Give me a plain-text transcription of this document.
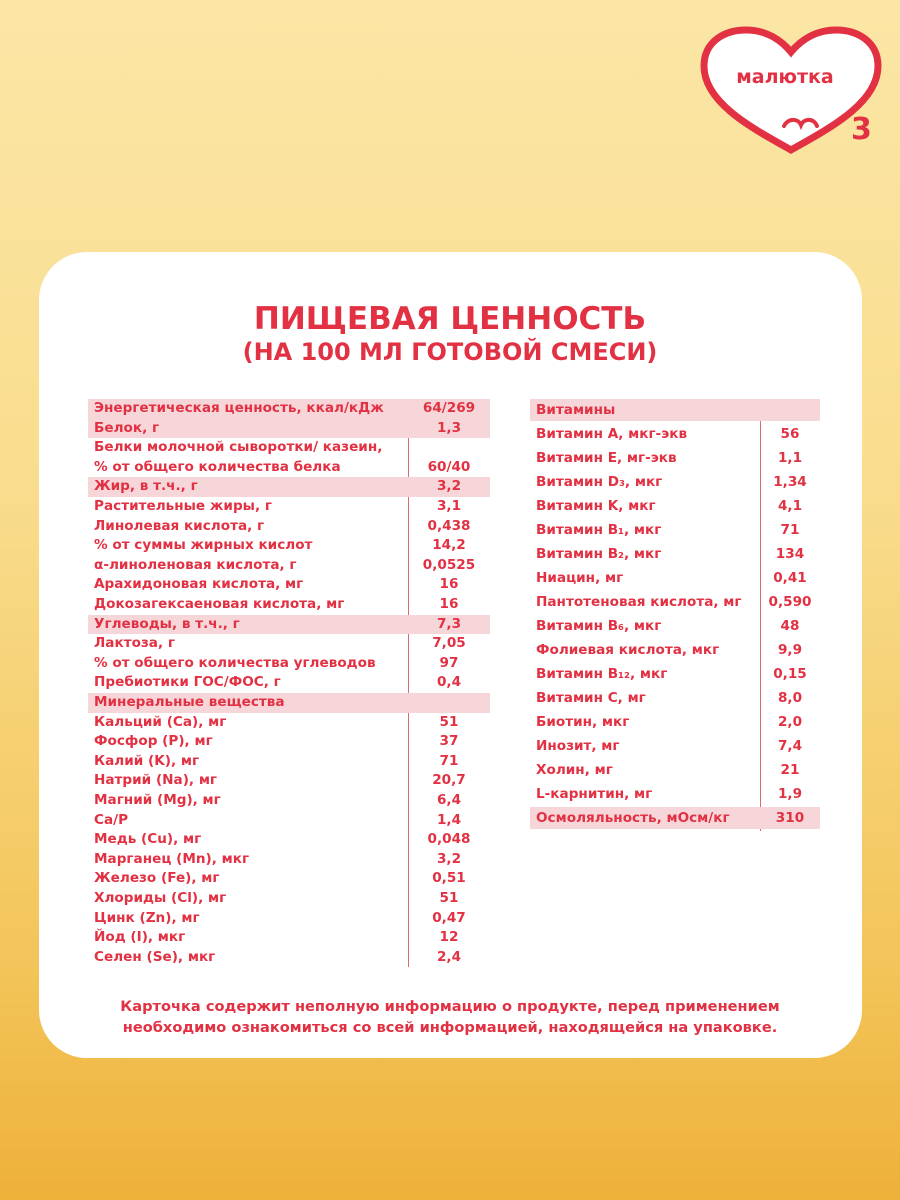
малютка
3
ПИЩЕВАЯ ЦЕННОСТЬ
(НА 100 МЛ ГОТОВОЙ СМЕСИ)
Энергетическая ценность, ккал/кДж	64/269
Белок, г	1,3
Белки молочной сыворотки/ казеин,
% от общего количества белка	60/40
Жир, в т.ч., г	3,2
Растительные жиры, г	3,1
Линолевая кислота, г	0,438
% от суммы жирных кислот	14,2
α-линоленовая кислота, г	0,0525
Арахидоновая кислота, мг	16
Докозагексаеновая кислота, мг	16
Углеводы, в т.ч., г	7,3
Лактоза, г	7,05
% от общего количества углеводов	97
Пребиотики ГОС/ФОС, г	0,4
Минеральные вещества
Кальций (Ca), мг	51
Фосфор (P), мг	37
Калий (K), мг	71
Натрий (Na), мг	20,7
Магний (Mg), мг	6,4
Ca/P	1,4
Медь (Cu), мг	0,048
Марганец (Mn), мкг	3,2
Железо (Fe), мг	0,51
Хлориды (Cl), мг	51
Цинк (Zn), мг	0,47
Йод (I), мкг	12
Селен (Se), мкг	2,4
Витамины
Витамин А, мкг-экв	56
Витамин Е, мг-экв	1,1
Витамин D₃, мкг	1,34
Витамин K, мкг	4,1
Витамин B₁, мкг	71
Витамин B₂, мкг	134
Ниацин, мг	0,41
Пантотеновая кислота, мг	0,590
Витамин B₆, мкг	48
Фолиевая кислота, мкг	9,9
Витамин B₁₂, мкг	0,15
Витамин С, мг	8,0
Биотин, мкг	2,0
Инозит, мг	7,4
Холин, мг	21
L-карнитин, мг	1,9
Осмоляльность, мОсм/кг	310
Карточка содержит неполную информацию о продукте, перед применением
необходимо ознакомиться со всей информацией, находящейся на упаковке.
